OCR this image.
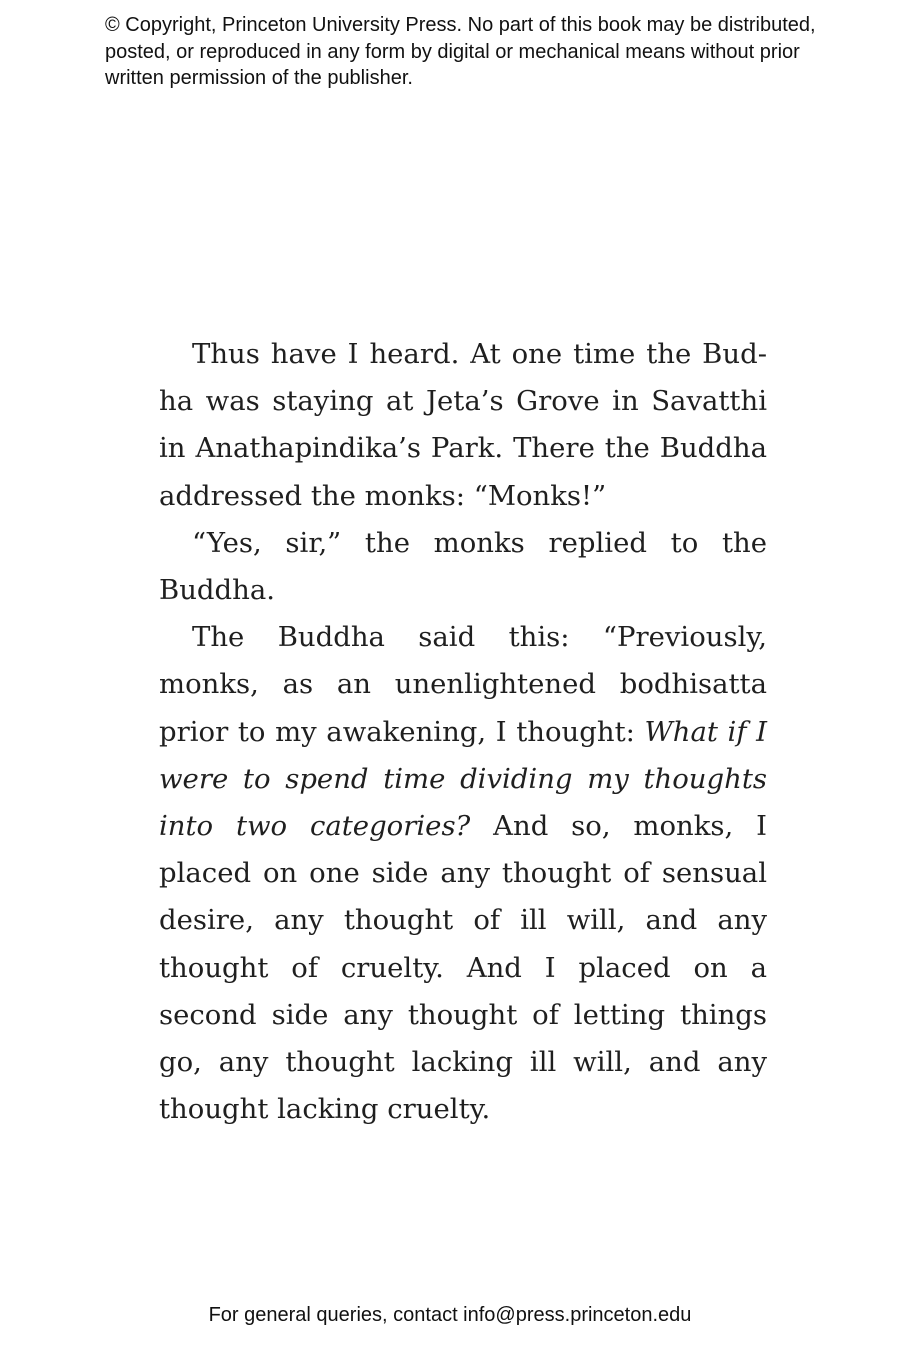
© Copyright, Princeton University Press. No part of this book may be distributed, posted, or reproduced in any form by digital or mechanical means without prior written permission of the publisher.

Thus have I heard. At one time the Budha was staying at Jeta’s Grove in Savatthi in Anathapindika’s Park. There the Buddha addressed the monks: “Monks!”

“Yes, sir,” the monks replied to the Buddha.

The Buddha said this: “Previously, monks, as an unenlightened bodhisatta prior to my awakening, I thought: What if I were to spend time dividing my thoughts into two categories? And so, monks, I placed on one side any thought of sensual desire, any thought of ill will, and any thought of cruelty. And I placed on a second side any thought of letting things go, any thought lacking ill will, and any thought lacking cruelty.

For general queries, contact info@press.princeton.edu
